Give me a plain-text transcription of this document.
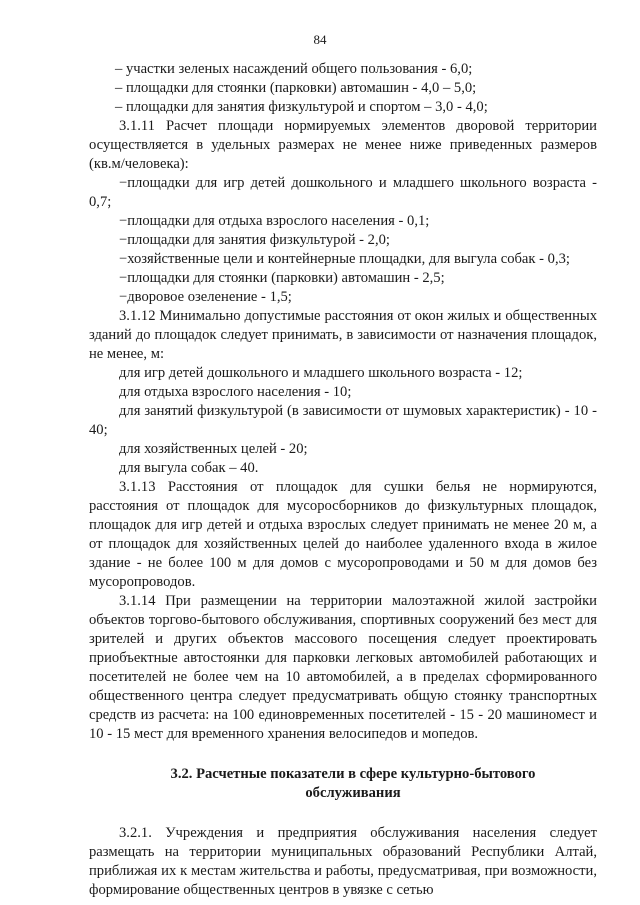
84

– участки зеленых насаждений общего пользования - 6,0;

– площадки для стоянки (парковки) автомашин - 4,0 – 5,0;

– площадки для занятия физкультурой и спортом – 3,0 - 4,0;

3.1.11 Расчет площади нормируемых элементов дворовой территории осуществляется в удельных размерах не менее ниже приведенных размеров (кв.м/человека):

−площадки для игр детей дошкольного и младшего школьного возраста - 0,7;

−площадки для отдыха взрослого населения - 0,1;

−площадки для занятия физкультурой - 2,0;

−хозяйственные цели и контейнерные площадки, для выгула собак - 0,3;

−площадки для стоянки (парковки) автомашин - 2,5;

−дворовое озеленение - 1,5;

3.1.12 Минимально допустимые расстояния от окон жилых и общественных зданий до площадок следует принимать, в зависимости от назначения площадок, не менее, м:

для игр детей дошкольного и младшего школьного возраста - 12;

для отдыха взрослого населения - 10;

для занятий физкультурой (в зависимости от шумовых характеристик) - 10 - 40;

для хозяйственных целей - 20;

для выгула собак – 40.

3.1.13 Расстояния от площадок для сушки белья не нормируются, расстояния от площадок для мусоросборников до физкультурных площадок, площадок для игр детей и отдыха взрослых следует принимать не менее 20 м, а от площадок для хозяйственных целей до наиболее удаленного входа в жилое здание - не более 100 м для домов с мусоропроводами и 50 м для домов без мусоропроводов.

3.1.14 При размещении на территории малоэтажной жилой застройки объектов торгово-бытового обслуживания, спортивных сооружений без мест для зрителей и других объектов массового посещения следует проектировать приобъектные автостоянки для парковки легковых автомобилей работающих и посетителей не более чем на 10 автомобилей, а в пределах сформированного общественного центра следует предусматривать общую стоянку транспортных средств из расчета: на 100 единовременных посетителей - 15 - 20 машиномест и 10 - 15 мест для временного хранения велосипедов и мопедов.

3.2. Расчетные показатели в сфере культурно-бытового обслуживания

3.2.1. Учреждения и предприятия обслуживания населения следует размещать на территории муниципальных образований Республики Алтай, приближая их к местам жительства и работы, предусматривая, при возможности, формирование общественных центров в увязке с сетью
